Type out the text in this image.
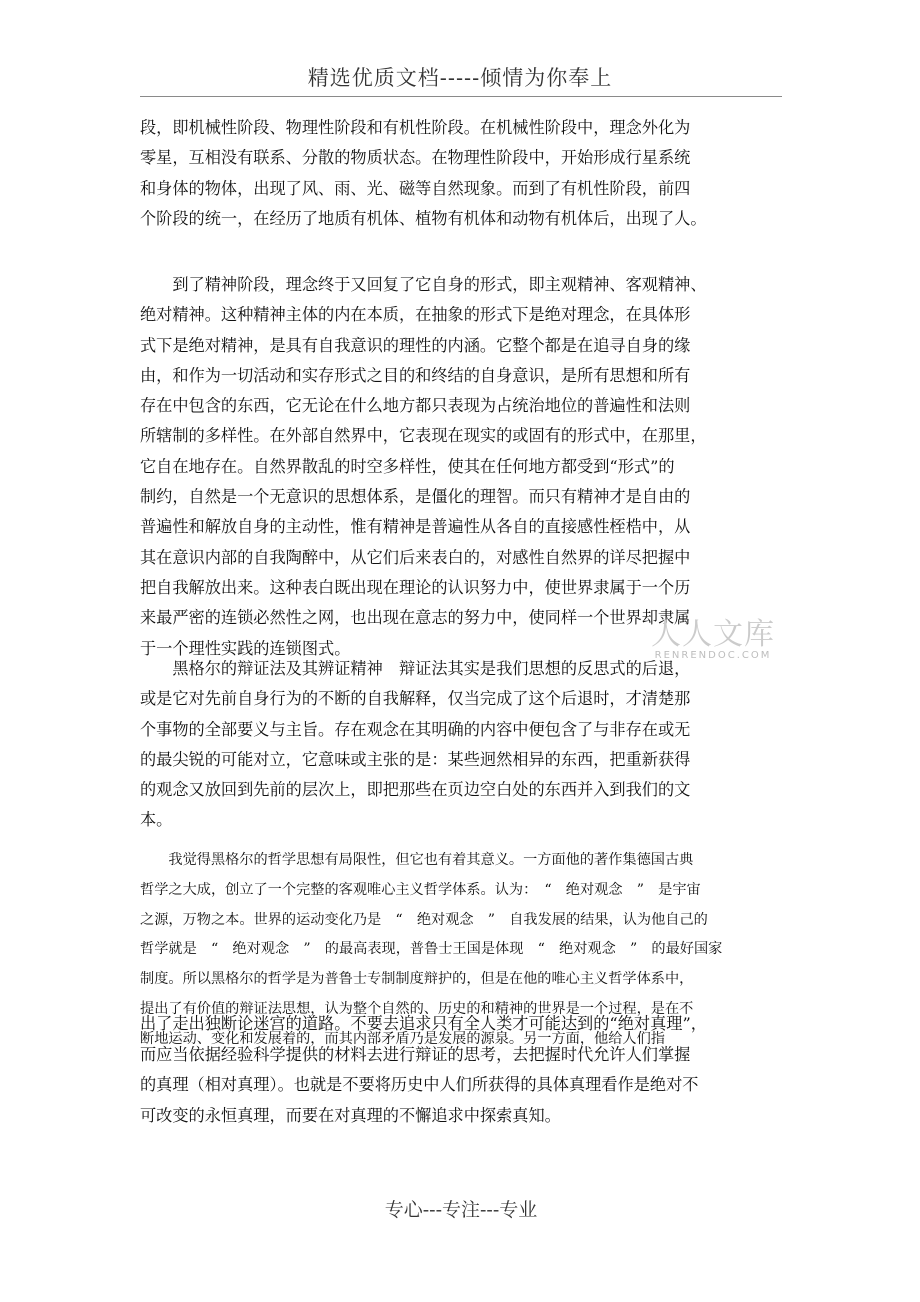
精选优质文档-----倾情为你奉上
段，即机械性阶段、物理性阶段和有机性阶段。在机械性阶段中，理念外化为
零星，互相没有联系、分散的物质状态。在物理性阶段中，开始形成行星系统
和身体的物体，出现了风、雨、光、磁等自然现象。而到了有机性阶段，前四
个阶段的统一，在经历了地质有机体、植物有机体和动物有机体后，出现了人。
　　到了精神阶段，理念终于又回复了它自身的形式，即主观精神、客观精神、
绝对精神。这种精神主体的内在本质，在抽象的形式下是绝对理念，在具体形
式下是绝对精神，是具有自我意识的理性的内涵。它整个都是在追寻自身的缘
由，和作为一切活动和实存形式之目的和终结的自身意识，是所有思想和所有
存在中包含的东西，它无论在什么地方都只表现为占统治地位的普遍性和法则
所辖制的多样性。在外部自然界中，它表现在现实的或固有的形式中，在那里，
它自在地存在。自然界散乱的时空多样性，使其在任何地方都受到“形式”的
制约，自然是一个无意识的思想体系，是僵化的理智。而只有精神才是自由的
普遍性和解放自身的主动性，惟有精神是普遍性从各自的直接感性桎梏中，从
其在意识内部的自我陶醉中，从它们后来表白的，对感性自然界的详尽把握中
把自我解放出来。这种表白既出现在理论的认识努力中，使世界隶属于一个历
来最严密的连锁必然性之网，也出现在意志的努力中，使同样一个世界却隶属
于一个理性实践的连锁图式。	人人文库
RENRENDOC.COM
　　黑格尔的辩证法及其辨证精神　辩证法其实是我们思想的反思式的后退，
或是它对先前自身行为的不断的自我解释，仅当完成了这个后退时，才清楚那
个事物的全部要义与主旨。存在观念在其明确的内容中便包含了与非存在或无
的最尖锐的可能对立，它意味或主张的是：某些迥然相异的东西，把重新获得
的观念又放回到先前的层次上，即把那些在页边空白处的东西并入到我们的文
本。
　　我觉得黑格尔的哲学思想有局限性，但它也有着其意义。一方面他的著作集德国古典
哲学之大成，创立了一个完整的客观唯心主义哲学体系。认为：　“　绝对观念　”　是宇宙
之源，万物之本。世界的运动变化乃是　“　绝对观念　”　自我发展的结果，认为他自己的
哲学就是　“　绝对观念　”　的最高表现，普鲁士王国是体现　“　绝对观念　”　的最好国家
制度。所以黑格尔的哲学是为普鲁士专制制度辩护的，但是在他的唯心主义哲学体系中，
提出了有价值的辩证法思想，认为整个自然的、历史的和精神的世界是一个过程，是在不
断地运动、变化和发展着的，而其内部矛盾乃是发展的源泉。另一方面，他给人们指
出了走出独断论迷宫的道路。不要去追求只有全人类才可能达到的“绝对真理”，
而应当依据经验科学提供的材料去进行辩证的思考，去把握时代允许人们掌握
的真理（相对真理）。也就是不要将历史中人们所获得的具体真理看作是绝对不
可改变的永恒真理，而要在对真理的不懈追求中探索真知。
专心---专注---专业
